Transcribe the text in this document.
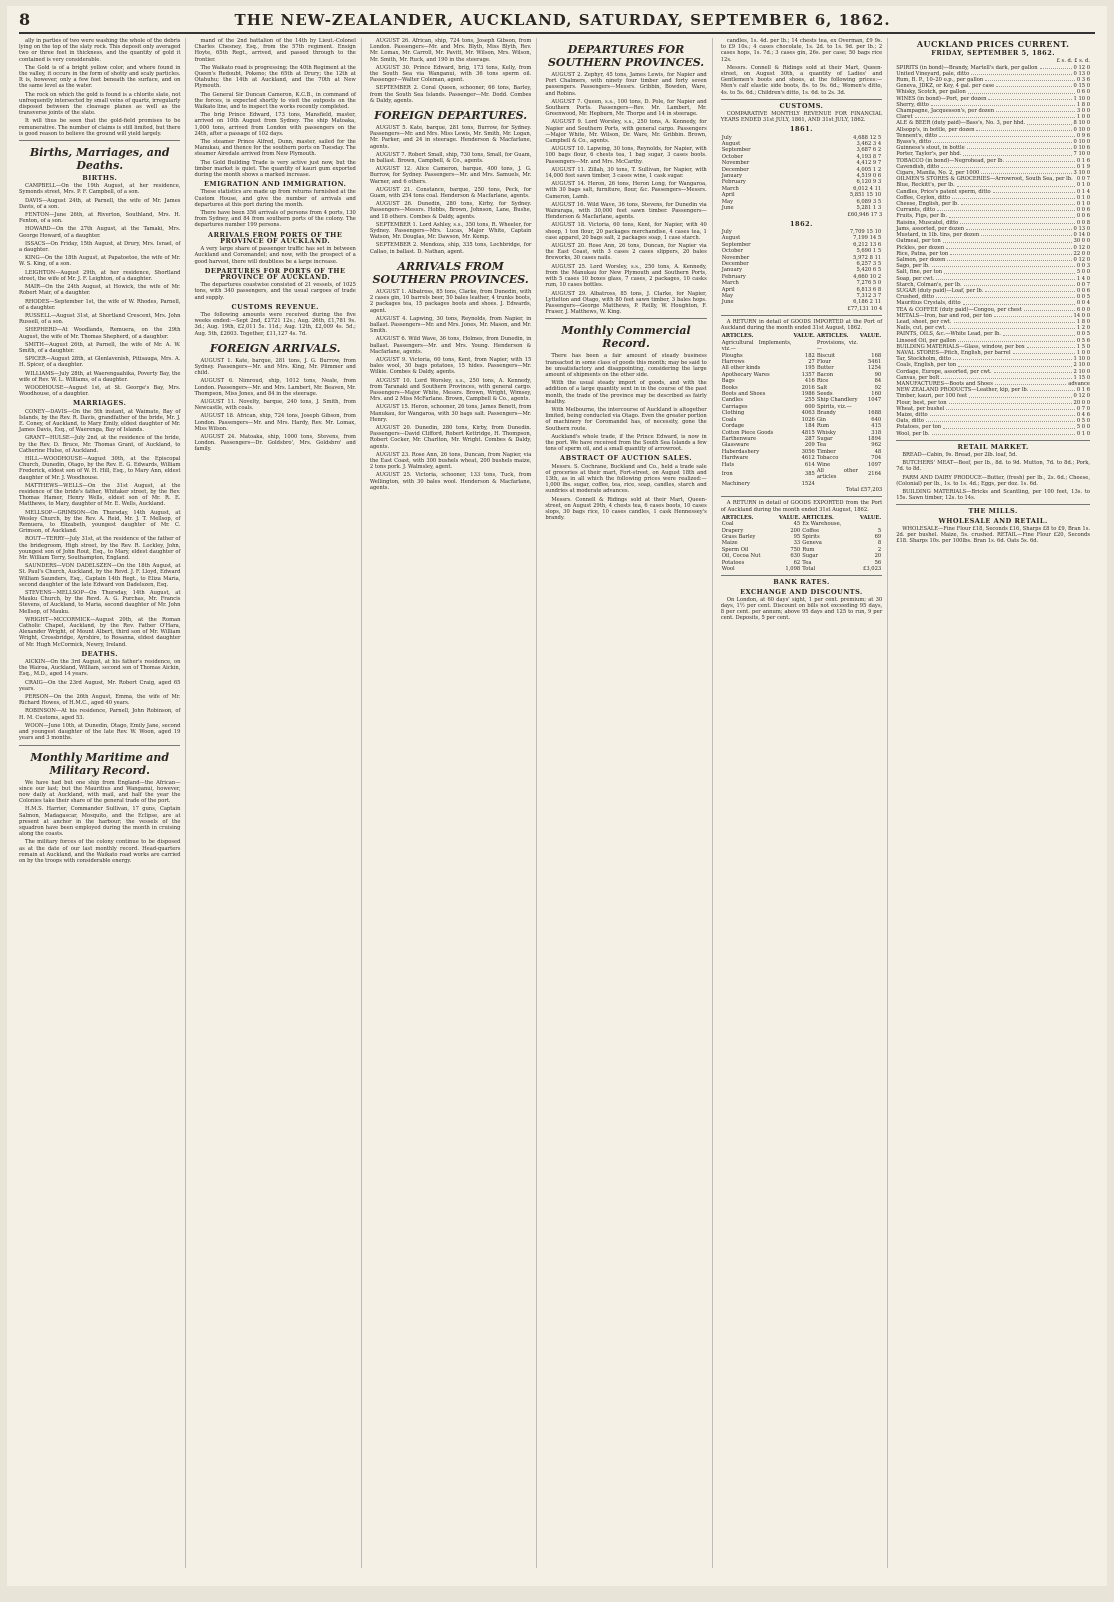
8	THE NEW-ZEALANDER, AUCKLAND, SATURDAY, SEPTEMBER 6, 1862.

ally in parties of two were washing the whole of the debris lying on the top of the slaty rock. This deposit only averaged two or three feet in thickness, and the quantity of gold it contained is very considerable.

The Gold is of a bright yellow color, and where found in the valley, it occurs in the form of shotty and scaly particles. It is, however, only a few feet beneath the surface, and on the same level as the water.

The rock on which the gold is found is a chlorite slate, not unfrequently intersected by small veins of quartz, irregularly disposed between the cleavage planes as well as the transverse joints of the slate.

It will thus be seen that the gold-field promises to be remunerative. The number of claims is still limited, but there is good reason to believe the ground will yield largely.

Births, Marriages, and Deaths.
BIRTHS.

CAMPBELL—On the 19th August, at her residence, Symonds street, Mrs. P. F. Campbell, of a son.

DAVIS—August 24th, at Parnell, the wife of Mr. James Davis, of a son.

FENTON—June 26th, at Riverton, Southland, Mrs. H. Fenton, of a son.

HOWARD—On the 27th August, at the Tamaki, Mrs. George Howard, of a daughter.

ISSACS—On Friday, 15th August, at Drury, Mrs. Israel, of a daughter.

KING—On the 18th August, at Papatoetoe, the wife of Mr. W. S. King, of a son.

LEIGHTON—August 29th, at her residence, Shortland street, the wife of Mr. J. F. Leighton, of a daughter.

MAIR—On the 24th August, at Howick, the wife of Mr. Robert Mair, of a daughter.

RHODES—September 1st, the wife of W. Rhodes, Parnell, of a daughter.

RUSSELL—August 31st, at Shortland Crescent, Mrs. John Russell, of a son.

SHEPHERD—At Woodlands, Remuera, on the 29th August, the wife of Mr. Thomas Shepherd, of a daughter.

SMITH—August 26th, at Parnell, the wife of Mr. A. W. Smith, of a daughter.

SPICER—August 28th, at Glenlavenish, Pitisauga, Mrs. A. H. Spicer, of a daughter.

WILLIAMS—July 28th, at Waerengaahika, Poverty Bay, the wife of Rev. W. L. Williams, of a daughter.

WOODHOUSE—August 1st, at St. George's Bay, Mrs. Woodhouse, of a daughter.

MARRIAGES.

CONEY—DAVIS—On the 5th instant, at Waimate, Bay of Islands, by the Rev. R. Davis, grandfather of the bride, Mr. J. E. Coney, of Auckland, to Mary Emily, eldest daughter of Mr. James Davis, Esq., of Waerenga, Bay of Islands.

GRANT—HULSE—July 2nd, at the residence of the bride, by the Rev. D. Bruce, Mr. Thomas Grant, of Auckland, to Catherine Hulse, of Auckland.

HILL—WOODHOUSE—August 30th, at the Episcopal Church, Dunedin, Otago, by the Rev. E. G. Edwards, William Frederick, eldest son of W. H. Hill, Esq., to Mary Ann, eldest daughter of Mr. J. Woodhouse.

MATTHEWS—WELLS—On the 31st August, at the residence of the bride's father, Whitaker street, by the Rev. Thomas Hamer, Henry Wells, eldest son of Mr. R. E. Matthews, to Mary, daughter of Mr. E. Wells, Auckland.

MELLSOP—GRIMSON—On Thursday, 14th August, at Wesley Church, by the Rev. A. Reid, Mr. J. T. Mellsop, of Remuera, to Elizabeth, youngest daughter of Mr. C. Grimson, of Auckland.

ROUT—TERRY—July 31st, at the residence of the father of the bridegroom, High street, by the Rev. R. Lockley, John, youngest son of John Rout, Esq., to Mary, eldest daughter of Mr. William Terry, Southampton, England.

SAUNDERS—VON DADELSZEN—On the 18th August, at St. Paul's Church, Auckland, by the Revd. J. F. Lloyd, Edward William Saunders, Esq., Captain 14th Regt., to Eliza Maria, second daughter of the late Edward von Dadelszen, Esq.

STEVENS—MELLSOP—On Thursday, 14th August, at Mauku Church, by the Revd. A. G. Purchas, Mr. Francis Stevens, of Auckland, to Maria, second daughter of Mr. John Mellsop, of Mauku.

WRIGHT—MCCORMICK—August 20th, at the Roman Catholic Chapel, Auckland, by the Rev. Father O'Hara, Alexander Wright, of Mount Albert, third son of Mr. William Wright, Crossbridge, Ayrshire, to Rosanna, eldest daughter of Mr. Hugh McCormick, Newry, Ireland.

DEATHS.

AICKIN—On the 3rd August, at his father's residence, on the Wairoa, Auckland, William, second son of Thomas Aickin, Esq., M.D., aged 14 years.

CRAIG—On the 23rd August, Mr. Robert Craig, aged 65 years.

PERSON—On the 26th August, Emma, the wife of Mr. Richard Howes, of H.M.C., aged 40 years.

ROBINSON—At his residence, Parnell, John Robinson, of H. M. Customs, aged 53.

WOON—June 10th, at Dunedin, Otago, Emily Jane, second and youngest daughter of the late Rev. W. Woon, aged 19 years and 3 months.

Monthly Maritime and Military Record.

We have had but one ship from England—the African—since our last; but the Mauritius and Wanganui, however, now daily at Auckland, with mail, and half the year the Colonies take their share of the general trade of the port.

H.M.S. Harrier, Commander Sullivan, 17 guns, Captain Salmon, Madagascar, Mosquito, and the Eclipse, are at present at anchor in the harbour; the vessels of the squadron have been employed during the month in cruising along the coasts.

The military forces of the colony continue to be disposed as at the date of our last monthly record. Head-quarters remain at Auckland, and the Waikato road works are carried on by the troops with considerable energy.

mand of the 2nd battalion of the 14th by Lieut.-Colonel Charles Chesney, Esq., from the 57th regiment. Ensign Hoyte, 65th Regt., arrived, and passed through to the frontier.

The Waikato road is progressing; the 40th Regiment at the Queen's Redoubt, Pokeno; the 65th at Drury; the 12th at Otahuhu; the 14th at Auckland, and the 70th at New Plymouth.

The General Sir Duncan Cameron, K.C.B., in command of the forces, is expected shortly to visit the outposts on the Waikato line, and to inspect the works recently completed.

The brig Prince Edward, 173 tons, Mansfield, master, arrived on 10th August from Sydney. The ship Matoaka, 1,000 tons, arrived from London with passengers on the 24th, after a passage of 102 days.

The steamer Prince Alfred, Dunn, master, sailed for the Manukau, and thence for the southern ports on Tuesday. The steamer Airedale arrived from New Plymouth.

The Gold Building Trade is very active just now, but the timber market is quiet. The quantity of kauri gum exported during the month shows a marked increase.

EMIGRATION AND IMMIGRATION.

These statistics are made up from returns furnished at the Custom House, and give the number of arrivals and departures at this port during the month.

There have been 356 arrivals of persons from 4 ports, 130 from Sydney, and 84 from southern ports of the colony. The departures number 199 persons.

ARRIVALS FROM PORTS OF THE PROVINCE OF AUCKLAND.

A very large share of passenger traffic has set in between Auckland and Coromandel; and now, with the prospect of a good harvest, there will doubtless be a large increase.

DEPARTURES FOR PORTS OF THE PROVINCE OF AUCKLAND.

The departures coastwise consisted of 21 vessels, of 1025 tons, with 340 passengers, and the usual cargoes of trade and supply.

CUSTOMS REVENUE.

The following amounts were received during the five weeks ended:—Sept 2nd, £2721 12s.; Aug. 26th, £1,781 9s. 3d.; Aug. 19th, £2,011 5s. 11d.; Aug. 12th, £2,009 4s. 5d.; Aug. 5th, £2603. Together, £11,127 4s. 7d.

FOREIGN ARRIVALS.

AUGUST 1. Kate, barque, 281 tons, J. G. Burrow, from Sydney. Passengers—Mr. and Mrs. King, Mr. Plimmer and child.

AUGUST 6. Nimroud, ship, 1012 tons, Neale, from London. Passengers—Mr. and Mrs. Lambert, Mr. Beaven, Mr. Thompson, Miss Jones, and 84 in the steerage.

AUGUST 11. Novelty, barque, 240 tons, J. Smith, from Newcastle, with coals.

AUGUST 18. African, ship, 724 tons, Joseph Gibson, from London. Passengers—Mr. and Mrs. Hardy, Rev. Mr. Lomax, Miss Wilson.

AUGUST 24. Matoaka, ship, 1000 tons, Stevens, from London. Passengers—Dr. Goldsbro', Mrs. Goldsbro' and family.

AUGUST 26. African, ship, 724 tons, Joseph Gibson, from London. Passengers—Mr. and Mrs. Blyth, Miss Blyth, Rev. Mr. Lomax, Mr. Carroll, Mr. Pavitt, Mr. Wilson, Mrs. Wilson, Mr. Smith, Mr. Ruck, and 190 in the steerage.

AUGUST 30. Prince Edward, brig, 173 tons, Kelly, from the South Sea via Wanganui, with 36 tons sperm oil. Passenger—Walter Coleman, agent.

SEPTEMBER 2. Coral Queen, schooner, 66 tons, Barley, from the South Sea Islands. Passenger—Mr. Dodd. Combes & Daldy, agents.

FOREIGN DEPARTURES.

AUGUST 5. Kate, barque, 281 tons, Burrow, for Sydney. Passengers—Mr. and Mrs. Miss Lewis, Mr. Smith, Mr. Logan, Mr. Parker, and 24 in steerage. Henderson & Macfarlane, agents.

AUGUST 7. Robert Small, ship, 730 tons, Small, for Guam, in ballast. Brown, Campbell, & Co., agents.

AUGUST 12. Alice Cameron, barque, 400 tons, J. G. Burrow, for Sydney. Passengers—Mr. and Mrs. Samuels, Mr. Warner, and 6 others.

AUGUST 21. Constance, barque, 250 tons, Peck, for Guam, with 254 tons coal. Henderson & Macfarlane, agents.

AUGUST 26. Dunedin, 280 tons, Kirby, for Sydney. Passengers—Messrs. Hobbs, Brown, Johnson, Lane, Bushe, and 18 others. Combes & Daldy, agents.

SEPTEMBER 1. Lord Ashley, s.s., 350 tons, R. Wheeler, for Sydney. Passengers—Mrs. Lucas, Major White, Captain Watson, Mr. Douglas, Mr. Dawson, Mr. Kemp.

SEPTEMBER 2. Mendoza, ship, 335 tons, Lochbridge, for Callao, in ballast. D. Nathan, agent.

ARRIVALS FROM SOUTHERN PROVINCES.

AUGUST 1. Albatross, 85 tons, Clarke, from Dunedin, with 2 cases gin, 10 barrels beer, 50 bales leather, 4 trunks boots, 2 packages tea, 15 packages boots and shoes. J. Edwards, agent.

AUGUST 4. Lapwing, 30 tons, Reynolds, from Napier, in ballast. Passengers—Mr. and Mrs. Jones, Mr. Mason, and Mr. Smith.

AUGUST 6. Wild Wave, 36 tons, Holmes, from Dunedin, in ballast. Passengers—Mr. and Mrs. Young. Henderson & Macfarlane, agents.

AUGUST 9. Victoria, 60 tons, Kent, from Napier, with 15 bales wool, 30 bags potatoes, 15 hides. Passengers—Mr. Wilkie. Combes & Daldy, agents.

AUGUST 10. Lord Worsley, s.s., 250 tons, A. Kennedy, from Taranaki and Southern Provinces, with general cargo. Passengers—Major White, Messrs. Brown, Wright, Wimsey, Mrs. and 2 Miss McFarlane. Brown, Campbell & Co., agents.

AUGUST 15. Heron, schooner, 26 tons, James Benett, from Manukau, for Wangaroa, with 30 bags salt. Passengers—Mr. Henry.

AUGUST 20. Dunedin, 280 tons, Kirby, from Dunedin. Passengers—David Clifford, Robert Kettridge, H. Thompson, Robert Cocker, Mr. Charlton, Mr. Wright. Combes & Daldy, agents.

AUGUST 23. Rose Ann, 26 tons, Duncan, from Napier, via the East Coast, with 300 bushels wheat, 200 bushels maize, 2 tons pork. J. Walmsley, agent.

AUGUST 25. Victoria, schooner, 133 tons, Tuck, from Wellington, with 30 bales wool. Henderson & Macfarlane, agents.

DEPARTURES FOR SOUTHERN PROVINCES.

AUGUST 2. Zephyr, 45 tons, James Lewis, for Napier and Port Chalmers, with ninety four timber and forty seven passengers. Passengers—Messrs. Gribbin, Bowden, Ware, and Robins.

AUGUST 7. Queen, s.s., 100 tons, D. Pole, for Napier and Southern Ports. Passengers—Rev. Mr. Lambert, Mr. Greenwood, Mr. Hepburn, Mr. Thorpe and 14 in steerage.

AUGUST 9. Lord Worsley, s.s., 250 tons, A. Kennedy, for Napier and Southern Ports, with general cargo. Passengers—Major White, Mr. Wilson, Dr. Ware, Mr. Gribbin. Brown, Campbell & Co., agents.

AUGUST 10. Lapwing, 30 tons, Reynolds, for Napier, with 100 bags flour, 6 chests tea, 1 bag sugar, 3 cases boots. Passengers—Mr. and Mrs. McCarthy.

AUGUST 11. Zillah, 30 tons, T. Sullivan, for Napier, with 14,000 feet sawn timber, 3 cases wine, 1 cask sugar.

AUGUST 14. Heron, 26 tons, Heron Long, for Wangaroa, with 30 bags salt, furniture, flour, &c. Passengers—Messrs. Cameron, Lamb.

AUGUST 16. Wild Wave, 36 tons, Stevens, for Dunedin via Wairarapa, with 30,000 feet sawn timber. Passengers—Henderson & Macfarlane, agents.

AUGUST 18. Victoria, 60 tons, Kent, for Napier, with 40 sheep, 1 ton flour, 20 packages merchandise, 4 cases tea, 1 case apparel, 20 bags salt, 2 packages soap, 1 case starch.

AUGUST 20. Rose Ann, 26 tons, Duncan, for Napier via the East Coast, with 3 cases 2 cases slippers, 20 bales fireworks, 30 cases nails.

AUGUST 25. Lord Worsley, s.s., 250 tons, A. Kennedy, from the Manukau for New Plymouth and Southern Ports, with 5 cases 10 boxes glass, 7 cases, 2 packages, 10 casks rum, 10 cases bottles.

AUGUST 29. Albatross, 85 tons, J. Clarke, for Napier, Lyttelton and Otago, with 80 feet sawn timber, 3 bales hops. Passengers—George Matthews, P. Reilly, W. Houghton, F. Fraser, J. Matthews, W. King.

Monthly Commercial Record.

There has been a fair amount of steady business transacted in some class of goods this month; may be said to be unsatisfactory and disappointing, considering the large amount of shipments on the other side.

With the usual steady import of goods, and with the addition of a large quantity sent in in the course of the past month, the trade of the province may be described as fairly healthy.

With Melbourne, the intercourse of Auckland is altogether limited, being conducted via Otago. Even the greater portion of machinery for Coromandel has, of necessity, gone the Southern route.

Auckland's whole trade, if the Prince Edward, is now in the port. We have received from the South Sea Islands a few tons of sperm oil, and a small quantity of arrowroot.

ABSTRACT OF AUCTION SALES.

Messrs. S. Cochrane, Buckland and Co., held a trade sale of groceries at their mart, Fort-street, on August 18th and 13th, as in all which the following prices were realized:—1,000 lbs. sugar, coffee, tea, rice, soap, candles, starch and sundries at moderate advances.

Messrs. Connell & Ridings sold at their Mart, Queen-street, on August 29th, 4 chests tea, 6 cases boots, 10 cases slops, 30 bags rice, 10 cases candles, 1 cask Hennessey's brandy.

candles, 1s. 4d. per lb.; 14 chests tea, ex Overman, £9 9s. to £9 10s.; 4 cases chocolate, 1s. 2d. to 1s. 9d. per lb.; 2 cases hops, 1s. 7d.; 3 cases gin, 26s. per case; 50 bags rice 12s.

Messrs. Connell & Ridings sold at their Mart, Queen-street, on August 30th, a quantity of Ladies' and Gentlemen's boots and shoes, at the following prices:—Men's calf elastic side boots, 8s. to 9s. 6d.; Women's ditto, 4s. to 5s. 6d.; Children's ditto, 1s. 6d. to 2s. 3d.

CUSTOMS.

COMPARATIVE MONTHLY REVENUE FOR FINANCIAL YEARS ENDED 31st JULY, 1861, AND 31st JULY, 1862.

1861.
July	4,688 12 5
August	3,462 3 4
September	3,687 6 2
October	4,193 8 7
November	4,412 9 7
December	4,005 1 2
January	4,519 0 6
February	6,120 9 3
March	6,012 4 11
April	5,851 15 10
May	6,089 3 5
June	5,281 1 3
£60,946 17 3
1862.
July	7,709 15 10
August	7,199 14 5
September	6,212 13 6
October	5,690 1 5
November	5,972 8 11
December	6,257 3 5
January	5,420 6 5
February	4,660 10 2
March	7,276 5 0
April	6,813 6 8
May	7,312 3 7
June	6,186 2 11
£77,131 10 4

A RETURN in detail of GOODS IMPORTED at the Port of Auckland during the month ended 31st August, 1862.

ARTICLES.	VALUE.	ARTICLES.	VALUE.
Agricultural Implements, viz.—		Provisions, viz.—	
Ploughs	182	Biscuit	168
Harrows	27	Flour	5461
All other kinds	195	Butter	1254
Apothecary Wares	1357	Bacon	90
Bags	416	Rice	84
Books	2016	Salt	92
Boots and Shoes	1986	Seeds	160
Candles	255	Ship Chandlery	1047
Carriages	600	Spirits, viz.—	
Clothing	4063	Brandy	1688
Coals	1026	Gin	640
Cordage	184	Rum	415
Cotton Piece Goods	4815	Whisky	318
Earthenware	287	Sugar	1894
Glassware	209	Tea	962
Haberdashery	3056	Timber	48
Hardware	4612	Tobacco	704
Hats	614	Wine	1097
Iron	385	All other articles	2164
Machinery	1524		
Total £57,203

A RETURN in detail of GOODS EXPORTED from the Port of Auckland during the month ended 31st August, 1862.

ARTICLES.	VALUE.	ARTICLES.	VALUE.
Coal	45	Ex Warehouse,	
Drapery	200	Coffee	5
Grass Barley	95	Spirits	69
Maize	33	Geneva	8
Sperm Oil	750	Rum	2
Oil, Cocoa Nut	630	Sugar	20
Potatoes	62	Tea	56
Wool	1,098	Total	£3,023
BANK RATES.
EXCHANGE AND DISCOUNTS.

On London, at 60 days' sight, 1 per cent. premium; at 30 days, 1½ per cent. Discount on bills not exceeding 95 days, 8 per cent. per annum; above 95 days and 125 to run, 9 per cent. Deposits, 5 per cent.

AUCKLAND PRICES CURRENT.
FRIDAY, SEPTEMBER 5, 1862.
£ s. d. £ s. d.
SPIRITS (in bond)—Brandy, Martell's dark, per gallon	0 12 0
United Vineyard, pale, ditto	0 13 0
Rum, B. P., 10–20 o.p., per gallon	0 3 6
Geneva, JDKZ, or Key, 4 gal. per case	0 15 0
Whisky, Scotch, per gallon	0 6 0
WINES (in bond)—Port, per dozen	1 10 0
Sherry, ditto	1 8 0
Champagne, Jacquesson's, per dozen	3 0 0
Claret	1 0 0
ALE & BEER (duty paid)—Bass's, No. 3, per hhd.	8 10 0
Allsopp's, in bottle, per dozen	0 10 0
Tennent's, ditto	0 9 6
Byass's, ditto	0 10 0
Guinness's stout, in bottle	0 10 6
Porter, Taylor's, per hhd.	7 10 0
TOBACCO (in bond)—Negrohead, per lb.	0 1 6
Cavendish, ditto	0 1 9
Cigars, Manila, No. 2, per 1000	3 10 0
OILMEN'S STORES & GROCERIES—Arrowroot, South Sea, per lb. 0 0 7
Blue, Reckitt's, per lb.	0 1 0
Candles, Price's patent sperm, ditto	0 1 4
Coffee, Ceylon, ditto	0 1 0
Cheese, English, per lb.	0 1 0
Currants, ditto	0 0 6
Fruits, Figs, per lb.	0 0 6
Raisins, Muscatel, ditto	0 0 8
Jams, assorted, per dozen	0 13 0
Mustard, in 1lb. tins, per dozen	0 14 0
Oatmeal, per ton	30 0 0
Pickles, per dozen	0 12 0
Rice, Patna, per ton	22 0 0
Salmon, per dozen	0 12 0
Sago, per lb.	0 0 3
Salt, fine, per ton	5 0 0
Soap, per cwt.	1 4 0
Starch, Colman's, per lb.	0 0 7
SUGAR (duty paid)—Loaf, per lb.	0 0 6
Crushed, ditto	0 0 5
Mauritius Crystals, ditto	0 0 4
TEA & COFFEE (duty paid)—Congou, per chest	6 0 0
METALS—Iron, bar and rod, per ton	14 0 0
Lead, sheet, per cwt.	1 8 0
Nails, cut, per cwt.	1 2 0
PAINTS, OILS, &c.—White Lead, per lb.	0 0 5
Linseed Oil, per gallon	0 5 6
BUILDING MATERIALS—Glass, window, per box	1 5 0
NAVAL STORES—Pitch, English, per barrel	1 0 0
Tar, Stockholm, ditto	1 10 0
Coals, English, per ton	2 10 0
Cordage, Europe, assorted, per cwt.	2 10 0
Canvas, per bolt	1 15 0
MANUFACTURES—Boots and Shoes	advance
NEW ZEALAND PRODUCTS—Leather, kip, per lb.	0 1 6
Timber, kauri, per 100 feet	0 12 0
Flour, best, per ton	20 0 0
Wheat, per bushel	0 7 0
Maize, ditto	0 4 6
Oats, ditto	0 5 0
Potatoes, per ton	5 0 0
Wool, per lb.	0 1 0
RETAIL MARKET.

BREAD—Cabin, 9s. Bread, per 2lb. loaf, 5d.

BUTCHERS' MEAT—Beef, per lb., 8d. to 9d. Mutton, 7d. to 8d.; Pork, 7d. to 8d.

FARM AND DAIRY PRODUCE—Butter, (fresh) per lb., 2s. 6d.; Cheese, (Colonial) per lb., 1s. to 1s. 4d.; Eggs, per doz. 1s. 6d.

BUILDING MATERIALS—Bricks and Scantling, per 100 feet, 13s. to 15s. Sawn timber, 12s. to 14s.

THE MILLS.
WHOLESALE AND RETAIL.

WHOLESALE—Fine Flour £18, Seconds £16, Sharps £8 to £9, Bran 1s. 2d. per bushel. Maize, 5s. crushed. RETAIL—Fine Flour £20, Seconds £18. Sharps 10s. per 100lbs. Bran 1s. 6d. Oats 5s. 6d.
